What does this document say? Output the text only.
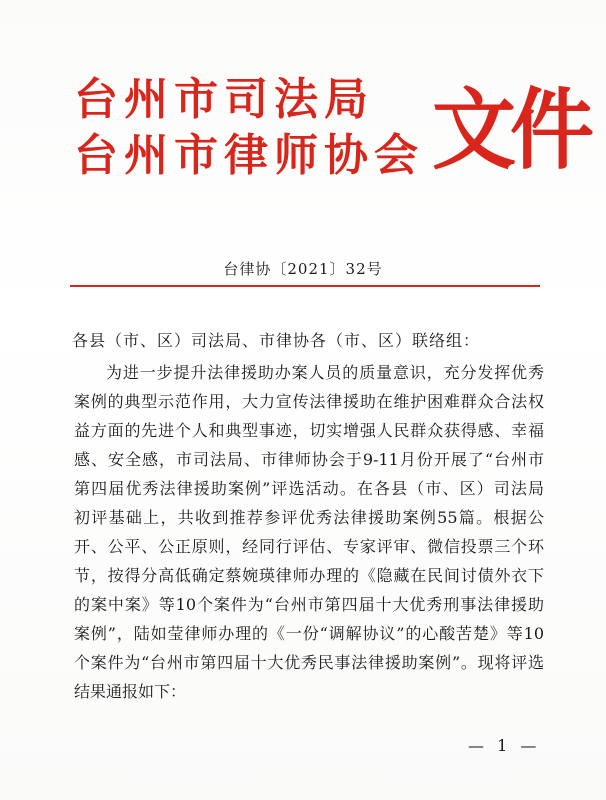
台州市司法局
台州市律师协会 文件
台律协〔2021〕32号
各县（市、区）司法局、市律协各（市、区）联络组：
为进一步提升法律援助办案人员的质量意识，充分发挥优秀
案例的典型示范作用，大力宣传法律援助在维护困难群众合法权
益方面的先进个人和典型事迹，切实增强人民群众获得感、幸福
感、安全感，市司法局、市律师协会于9-11月份开展了“台州市
第四届优秀法律援助案例”评选活动。在各县（市、区）司法局
初评基础上，共收到推荐参评优秀法律援助案例55篇。根据公
开、公平、公正原则，经同行评估、专家评审、微信投票三个环
节，按得分高低确定蔡婉瑛律师办理的《隐藏在民间讨债外衣下
的案中案》等10个案件为“台州市第四届十大优秀刑事法律援助
案例”，陆如莹律师办理的《一份“调解协议”的心酸苦楚》等10
个案件为“台州市第四届十大优秀民事法律援助案例”。现将评选
结果通报如下：
— 1 —
